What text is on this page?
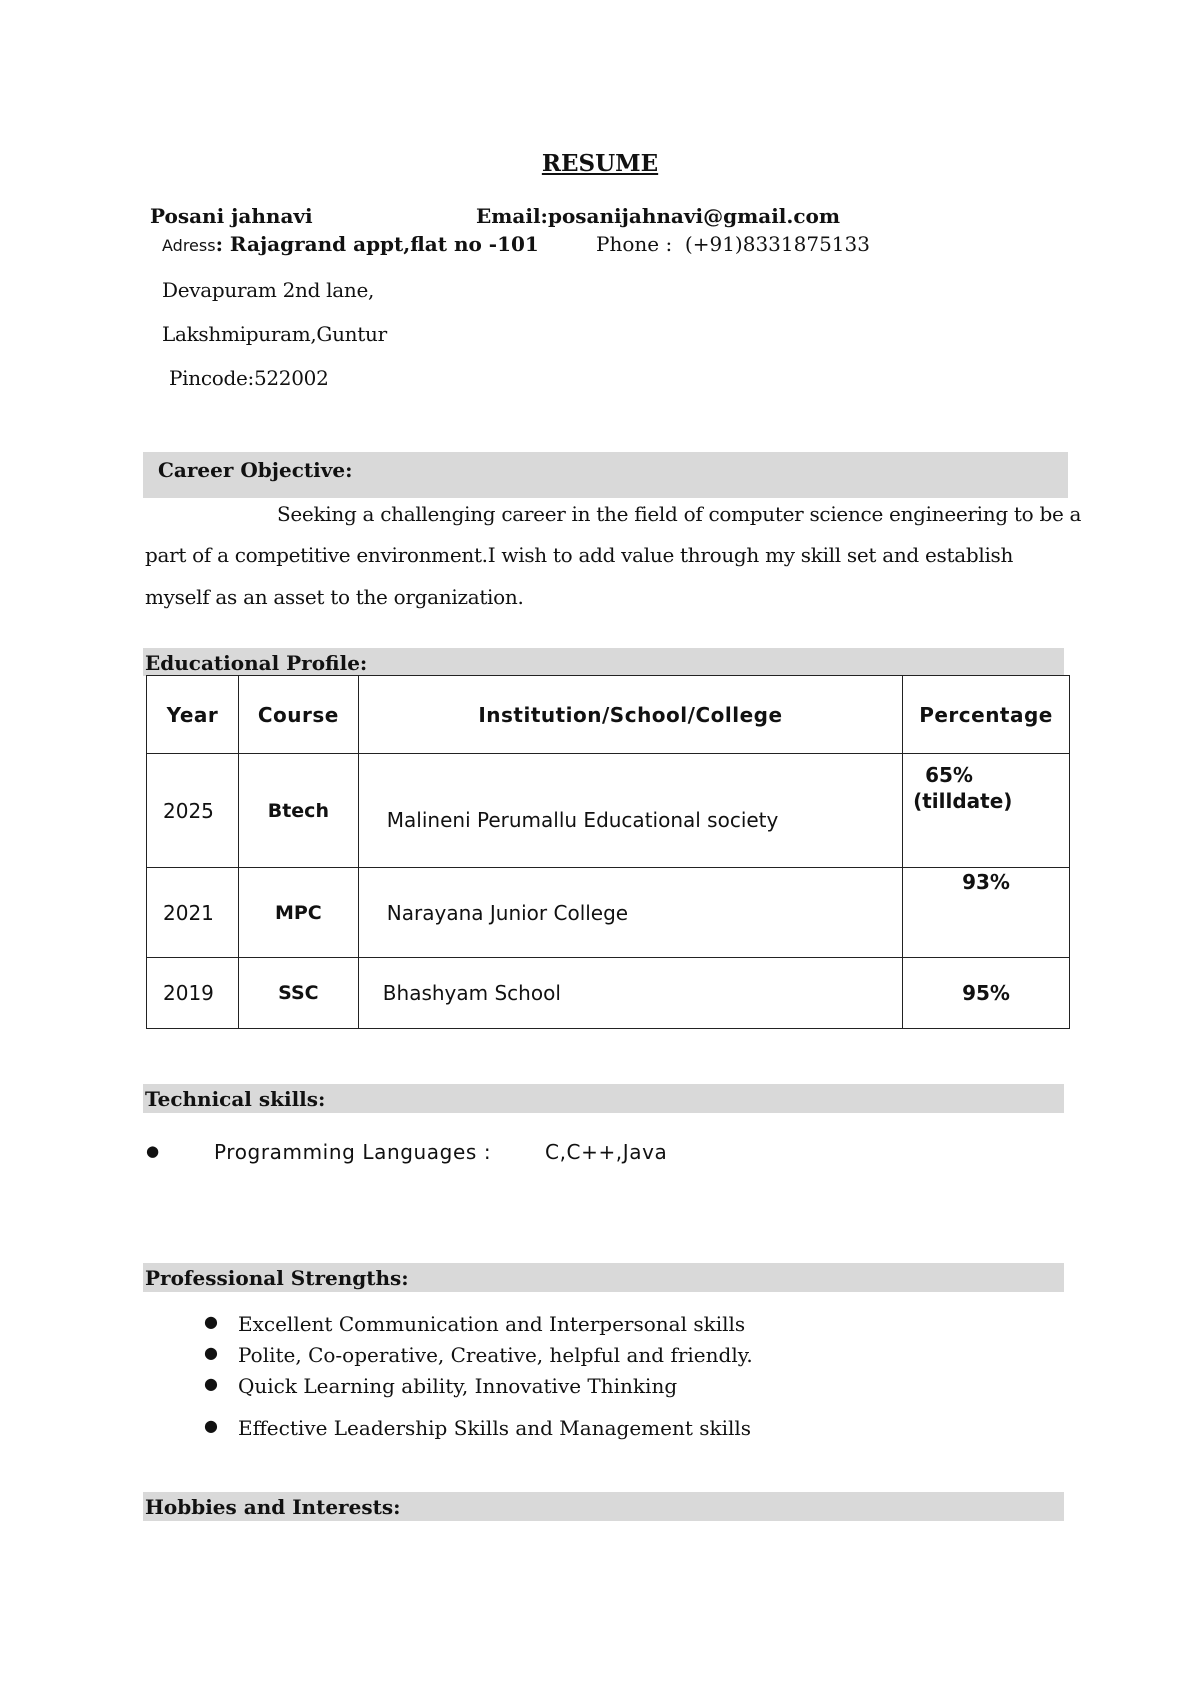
RESUME
Posani jahnavi	Email:posanijahnavi@gmail.com
Adress: Rajagrand appt,flat no -101	Phone : (+91)8331875133
Devapuram 2nd lane,
Lakshmipuram,Guntur
Pincode:522002
Career Objective:
Seeking a challenging career in the field of computer science engineering to be a
part of a competitive environment.I wish to add value through my skill set and establish
myself as an asset to the organization.
Educational Profile:
Year	Course	Institution/School/College	Percentage
2025	Btech	Malineni Perumallu Educational society	65%
(tilldate)

2021	MPC	Narayana Junior College	93%
2019	SSC	Bhashyam School	95%
Technical skills:
●	Programming Languages :	C,C++,Java
Professional Strengths:
● Excellent Communication and Interpersonal skills
● Polite, Co-operative, Creative, helpful and friendly.
● Quick Learning ability, Innovative Thinking
● Effective Leadership Skills and Management skills
Hobbies and Interests:
